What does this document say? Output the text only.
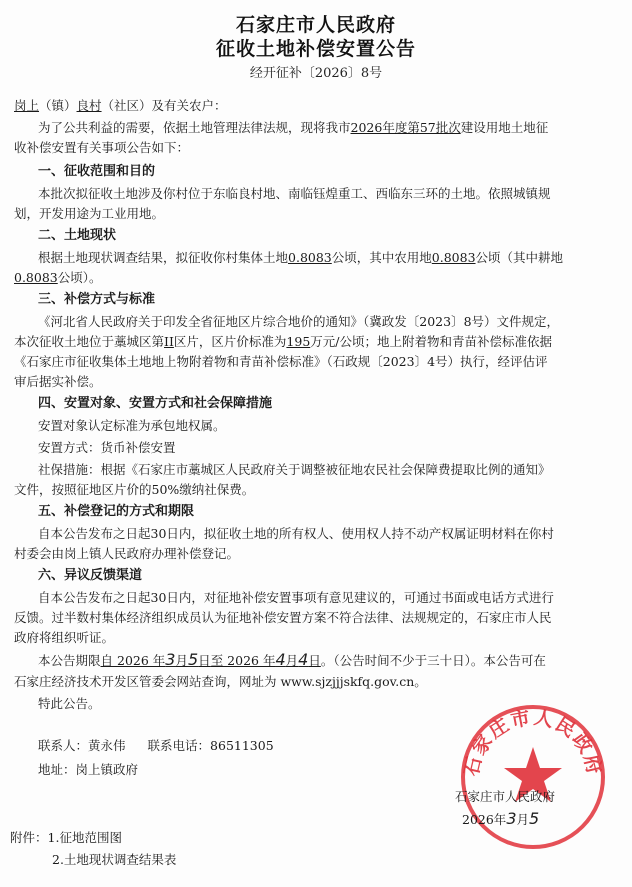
石家庄市人民政府
征收土地补偿安置公告
经开征补〔2026〕8号
岗上（镇）良村（社区）及有关农户：
为了公共利益的需要，依据土地管理法律法规，现将我市2026年度第57批次建设用地土地征
收补偿安置有关事项公告如下：
一、征收范围和目的
本批次拟征收土地涉及你村位于东临良村地、南临钰煌重工、西临东三环的土地。依照城镇规
划，开发用途为工业用地。
二、土地现状
根据土地现状调查结果，拟征收你村集体土地0.8083公顷，其中农用地0.8083公顷（其中耕地
0.8083公顷）。
三、补偿方式与标准
《河北省人民政府关于印发全省征地区片综合地价的通知》（冀政发〔2023〕8号）文件规定，
本次征收土地位于藁城区第II区片，区片价标准为195万元/公顷；地上附着物和青苗补偿标准依据
《石家庄市征收集体土地地上物附着物和青苗补偿标准》（石政规〔2023〕4号）执行，经评估评
审后据实补偿。
四、安置对象、安置方式和社会保障措施
安置对象认定标准为承包地权属。
安置方式：货币补偿安置
社保措施：根据《石家庄市藁城区人民政府关于调整被征地农民社会保障费提取比例的通知》
文件，按照征地区片价的50%缴纳社保费。
五、补偿登记的方式和期限
自本公告发布之日起30日内，拟征收土地的所有权人、使用权人持不动产权属证明材料在你村
村委会由岗上镇人民政府办理补偿登记。
六、异议反馈渠道
自本公告发布之日起30日内，对征地补偿安置事项有意见建议的，可通过书面或电话方式进行
反馈。过半数村集体经济组织成员认为征地补偿安置方案不符合法律、法规规定的，石家庄市人民
政府将组织听证。
本公告期限自 2026 年3月5日至 2026 年4月4日。（公告时间不少于三十日）。本公告可在
石家庄经济技术开发区管委会网站查询，网址为 www.sjzjjjskfq.gov.cn。
特此公告。
联系人：黄永伟 联系电话：86511305
地址：岗上镇政府	石家庄市人民政府
石家庄市人民政府
2026年3月5
附件：1.征地范围图
2.土地现状调查结果表
